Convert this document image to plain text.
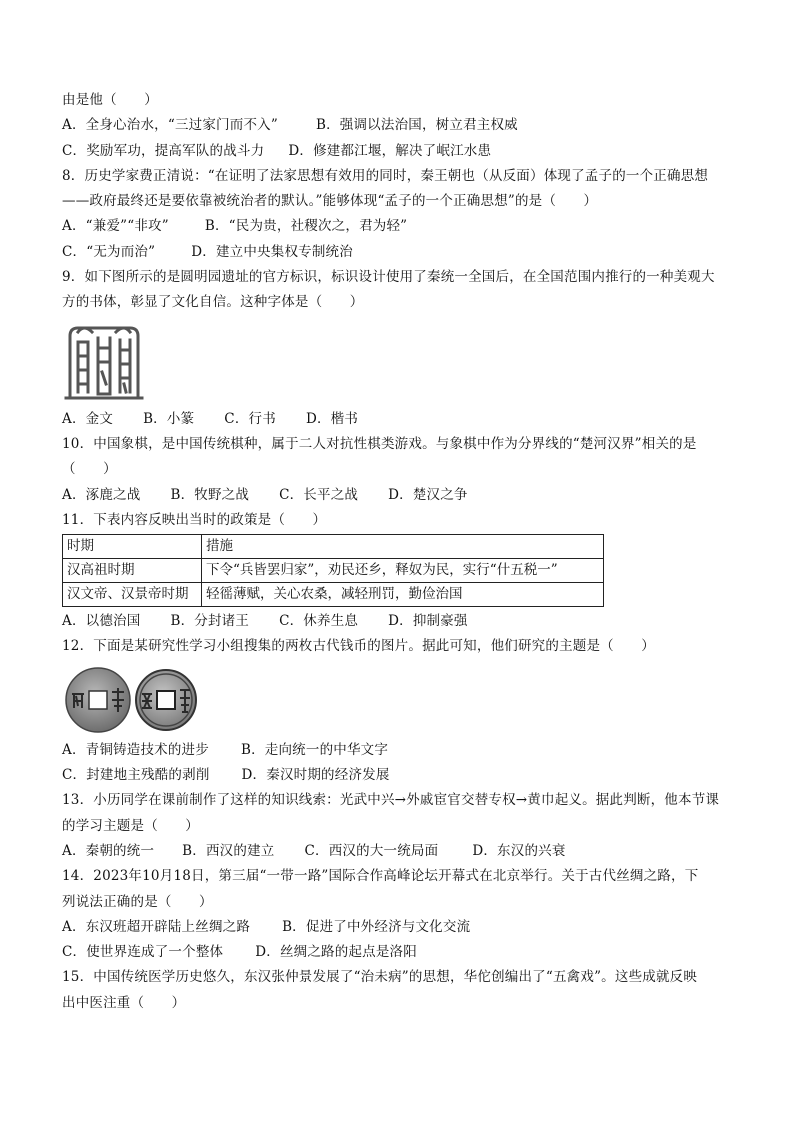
由是他（　　）
A．全身心治水，“三过家门而不入”	B．强调以法治国，树立君主权威
C．奖励军功，提高军队的战斗力 D．修建都江堰，解决了岷江水患
8．历史学家费正清说：“在证明了法家思想有效用的同时，秦王朝也（从反面）体现了孟子的一个正确思想
——政府最终还是要依靠被统治者的默认。”能够体现“孟子的一个正确思想”的是（　　）
A．“兼爱”“非攻”	B．“民为贵，社稷次之，君为轻”
C．“无为而治”	D．建立中央集权专制统治
9．如下图所示的是圆明园遗址的官方标识，标识设计使用了秦统一全国后，在全国范围内推行的一种美观大
方的书体，彰显了文化自信。这种字体是（　　）
A．金文 B．小篆 C．行书 D．楷书
10．中国象棋，是中国传统棋种，属于二人对抗性棋类游戏。与象棋中作为分界线的“楚河汉界”相关的是
（　　）
A．涿鹿之战 B．牧野之战 C．长平之战 D．楚汉之争
11．下表内容反映出当时的政策是（　　）
时期	措施
汉高祖时期	下令“兵皆罢归家”，劝民还乡，释奴为民，实行“什五税一”
汉文帝、汉景帝时期	轻徭薄赋，关心农桑，减轻刑罚，勤俭治国
A．以德治国 B．分封诸王 C．休养生息 D．抑制豪强
12．下面是某研究性学习小组搜集的两枚古代钱币的图片。据此可知，他们研究的主题是（　　）
A．青铜铸造技术的进步 B．走向统一的中华文字
C．封建地主残酷的剥削 D．秦汉时期的经济发展
13．小历同学在课前制作了这样的知识线索：光武中兴→外戚宦官交替专权→黄巾起义。据此判断，他本节课
的学习主题是（　　）
A．秦朝的统一 B．西汉的建立 C．西汉的大一统局面	D．东汉的兴衰
14．2023年10月18日，第三届“一带一路”国际合作高峰论坛开幕式在北京举行。关于古代丝绸之路，下
列说法正确的是（　　）
A．东汉班超开辟陆上丝绸之路 B．促进了中外经济与文化交流
C．使世界连成了一个整体 D．丝绸之路的起点是洛阳
15．中国传统医学历史悠久，东汉张仲景发展了“治未病”的思想，华佗创编出了“五禽戏”。这些成就反映
出中医注重（　　）
